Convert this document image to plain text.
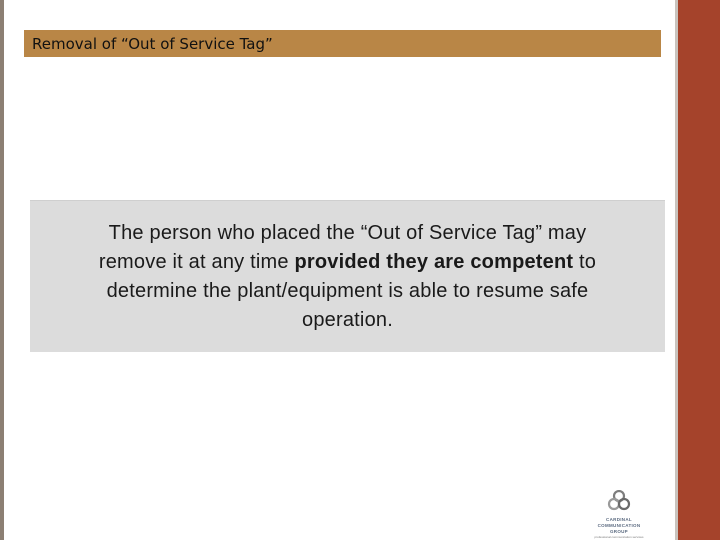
Removal of “Out of Service Tag”
The person who placed the “Out of Service Tag” may remove it at any time provided they are competent to determine the plant/equipment is able to resume safe operation.
CARDINAL
COMMUNICATION
GROUP
professional communication services
